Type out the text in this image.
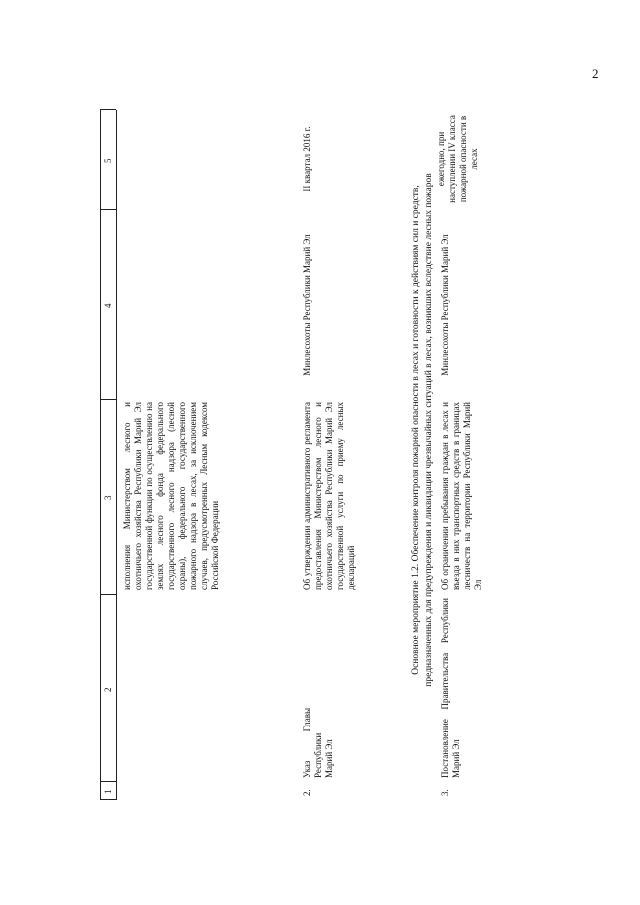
2
1
2
3
4
5
исполнения Министерством лесного и охотничьего хозяйства Республики Марий Эл государственной функции по осуществлению на землях лесного фонда федерального государственного лесного надзора (лесной охраны), федерального государственного пожарного надзора в лесах, за исключением случаев, предусмотренных Лесным кодексом Российской Федерации
2.
Указ Главы Республики Марий Эл
Об утверждении административного регламента предоставления Министерством лесного и охотничьего хозяйства Республики Марий Эл государственной услуги по приему лесных деклараций
Минлесохоты Республики Марий Эл
II квартал 2016 г.
Основное мероприятие 1.2. Обеспечение контроля пожарной опасности в лесах и готовности к действиям сил и средств, предназначенных для предупреждения и ликвидации чрезвычайных ситуаций в лесах, возникших вследствие лесных пожаров
3.
Постановление Правительства Республики Марий Эл
Об ограничении пребывания граждан в лесах и въезда в них транспортных средств в границах лесничеств на территории Республики Марий Эл
Минлесохоты Республики Марий Эл
ежегодно, при наступлении IV класса пожарной опасности в лесах
